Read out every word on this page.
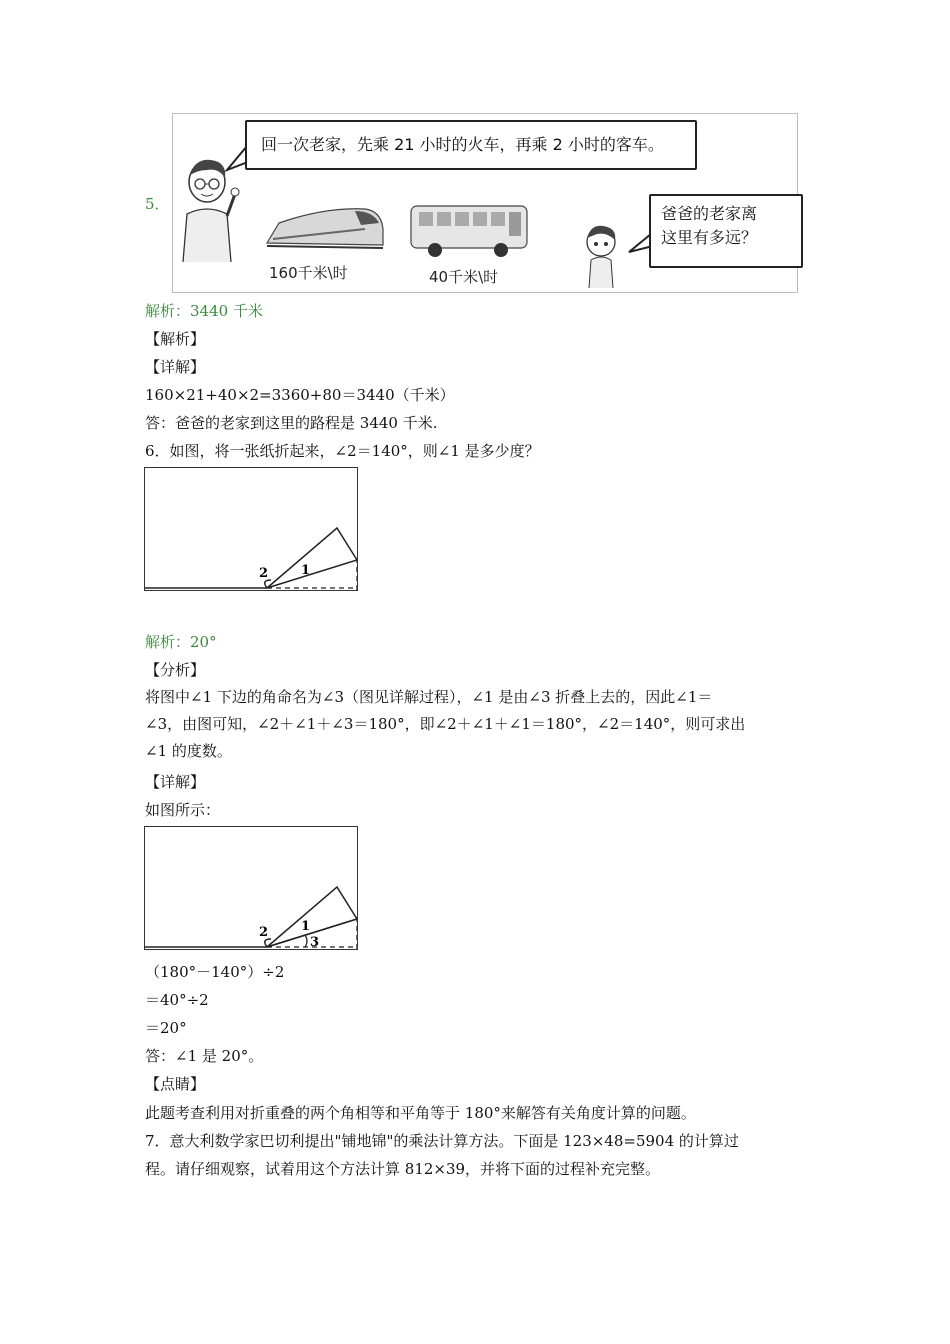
5．
回一次老家，先乘 21 小时的火车，再乘 2 小时的客车。
160千米\时	40千米\时
爸爸的老家离
这里有多远？
解析：3440 千米
【解析】
【详解】
160×21+40×2=3360+80＝3440（千米）
答：爸爸的老家到这里的路程是 3440 千米.
6．如图，将一张纸折起来，∠2＝140°，则∠1 是多少度？
2	1
解析：20°
【分析】
将图中∠1 下边的角命名为∠3（图见详解过程），∠1 是由∠3 折叠上去的，因此∠1＝
∠3，由图可知，∠2＋∠1＋∠3＝180°，即∠2＋∠1＋∠1＝180°，∠2＝140°，则可求出
∠1 的度数。
【详解】
如图所示：
2	1
3
（180°－140°）÷2
＝40°÷2
＝20°
答：∠1 是 20°。
【点睛】
此题考查利用对折重叠的两个角相等和平角等于 180°来解答有关角度计算的问题。
7．意大利数学家巴切利提出"铺地锦"的乘法计算方法。下面是 123×48=5904 的计算过
程。请仔细观察，试着用这个方法计算 812×39，并将下面的过程补充完整。
